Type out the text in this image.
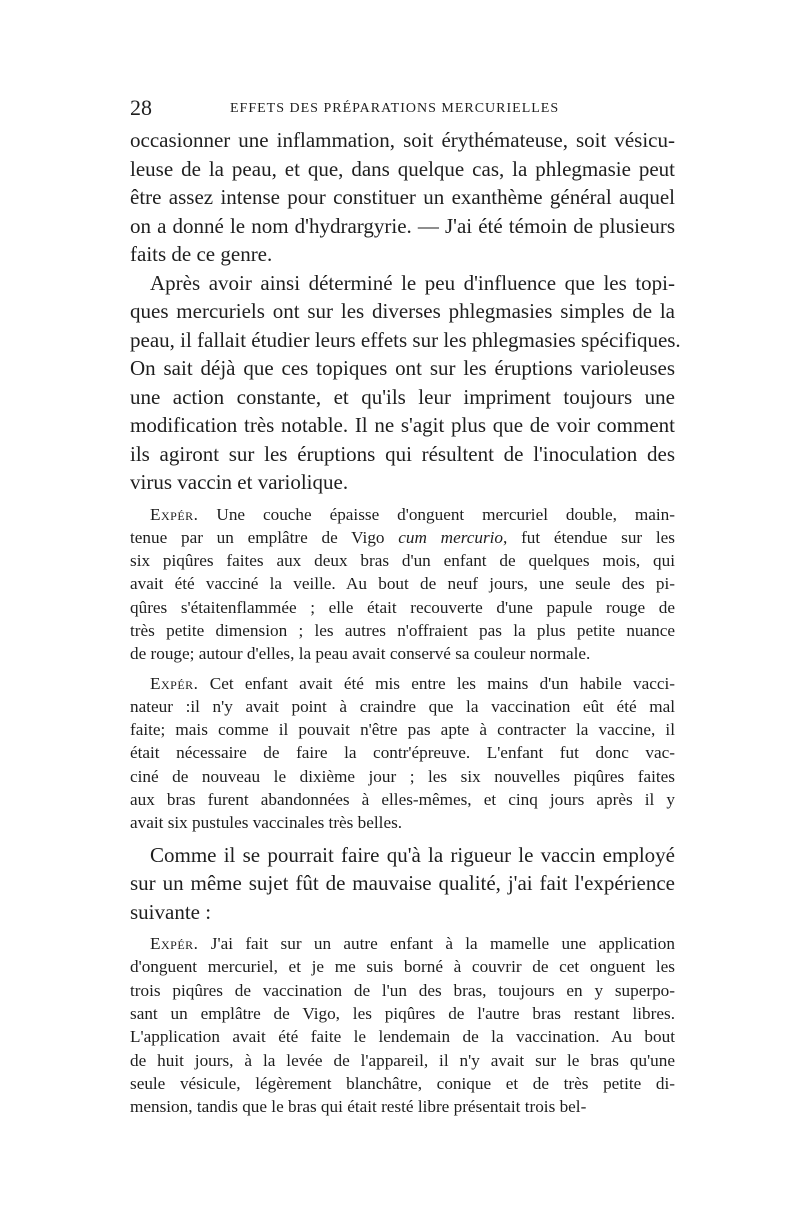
28	EFFETS DES PRÉPARATIONS MERCURIELLES
occasionner une inflammation, soit érythémateuse, soit vésicu-
leuse de la peau, et que, dans quelque cas, la phlegmasie peut
être assez intense pour constituer un exanthème général auquel
on a donné le nom d'hydrargyrie. — J'ai été témoin de plusieurs
faits de ce genre.
Après avoir ainsi déterminé le peu d'influence que les topi-
ques mercuriels ont sur les diverses phlegmasies simples de la
peau, il fallait étudier leurs effets sur les phlegmasies spécifiques.
On sait déjà que ces topiques ont sur les éruptions varioleuses
une action constante, et qu'ils leur impriment toujours une
modification très notable. Il ne s'agit plus que de voir comment
ils agiront sur les éruptions qui résultent de l'inoculation des
virus vaccin et variolique.
Expér. Une couche épaisse d'onguent mercuriel double, main-
tenue par un emplâtre de Vigo cum mercurio, fut étendue sur les
six piqûres faites aux deux bras d'un enfant de quelques mois, qui
avait été vacciné la veille. Au bout de neuf jours, une seule des pi-
qûres s'étaitenflammée ; elle était recouverte d'une papule rouge de
très petite dimension ; les autres n'offraient pas la plus petite nuance
de rouge; autour d'elles, la peau avait conservé sa couleur normale.
Expér. Cet enfant avait été mis entre les mains d'un habile vacci-
nateur :il n'y avait point à craindre que la vaccination eût été mal
faite; mais comme il pouvait n'être pas apte à contracter la vaccine, il
était nécessaire de faire la contr'épreuve. L'enfant fut donc vac-
ciné de nouveau le dixième jour ; les six nouvelles piqûres faites
aux bras furent abandonnées à elles-mêmes, et cinq jours après il y
avait six pustules vaccinales très belles.
Comme il se pourrait faire qu'à la rigueur le vaccin employé
sur un même sujet fût de mauvaise qualité, j'ai fait l'expérience
suivante :
Expér. J'ai fait sur un autre enfant à la mamelle une application
d'onguent mercuriel, et je me suis borné à couvrir de cet onguent les
trois piqûres de vaccination de l'un des bras, toujours en y superpo-
sant un emplâtre de Vigo, les piqûres de l'autre bras restant libres.
L'application avait été faite le lendemain de la vaccination. Au bout
de huit jours, à la levée de l'appareil, il n'y avait sur le bras qu'une
seule vésicule, légèrement blanchâtre, conique et de très petite di-
mension, tandis que le bras qui était resté libre présentait trois bel-
